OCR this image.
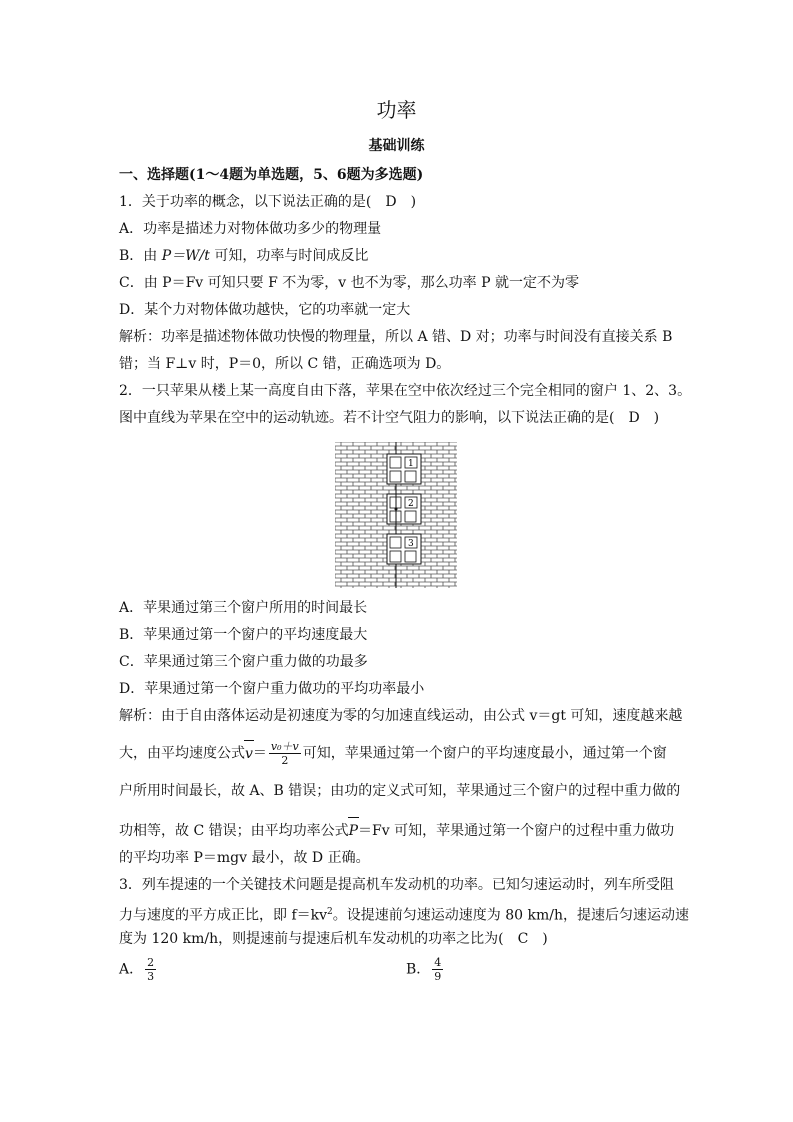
功率
基础训练
一、选择题(1～4题为单选题，5、6题为多选题)
1．关于功率的概念，以下说法正确的是(　D　)
A．功率是描述力对物体做功多少的物理量
B．由 P＝W/t 可知，功率与时间成反比
C．由 P＝Fv 可知只要 F 不为零，v 也不为零，那么功率 P 就一定不为零
D．某个力对物体做功越快，它的功率就一定大
解析：功率是描述物体做功快慢的物理量，所以 A 错、D 对；功率与时间没有直接关系 B
错；当 F⊥v 时，P＝0，所以 C 错，正确选项为 D。
2．一只苹果从楼上某一高度自由下落，苹果在空中依次经过三个完全相同的窗户 1、2、3。
图中直线为苹果在空中的运动轨迹。若不计空气阻力的影响，以下说法正确的是(　D　)
1
2
3
A．苹果通过第三个窗户所用的时间最长
B．苹果通过第一个窗户的平均速度最大
C．苹果通过第三个窗户重力做的功最多
D．苹果通过第一个窗户重力做功的平均功率最小
解析：由于自由落体运动是初速度为零的匀加速直线运动，由公式 v＝gt 可知，速度越来越
大，由平均速度公式$v= \frac{\text{v₀＋v}}{2}$ 可知，苹果通过第一个窗户的平均速度最小，通过第一个窗
户所用时间最长，故 A、B 错误；由功的定义式可知，苹果通过三个窗户的过程中重力做的
功相等，故 C 错误；由平均功率公式P＝Fv 可知，苹果通过第一个窗户的过程中重力做功
的平均功率 P＝mgv 最小，故 D 正确。
3．列车提速的一个关键技术问题是提高机车发动机的功率。已知匀速运动时，列车所受阻
力与速度的平方成正比，即 $f=kv^2$。设提速前匀速运动速度为 80 km/h，提速后匀速运动速
度为 120 km/h，则提速前与提速后机车发动机的功率之比为(　C　)
A． $\frac{2}{3}$	B． $\frac{4}{9}$
